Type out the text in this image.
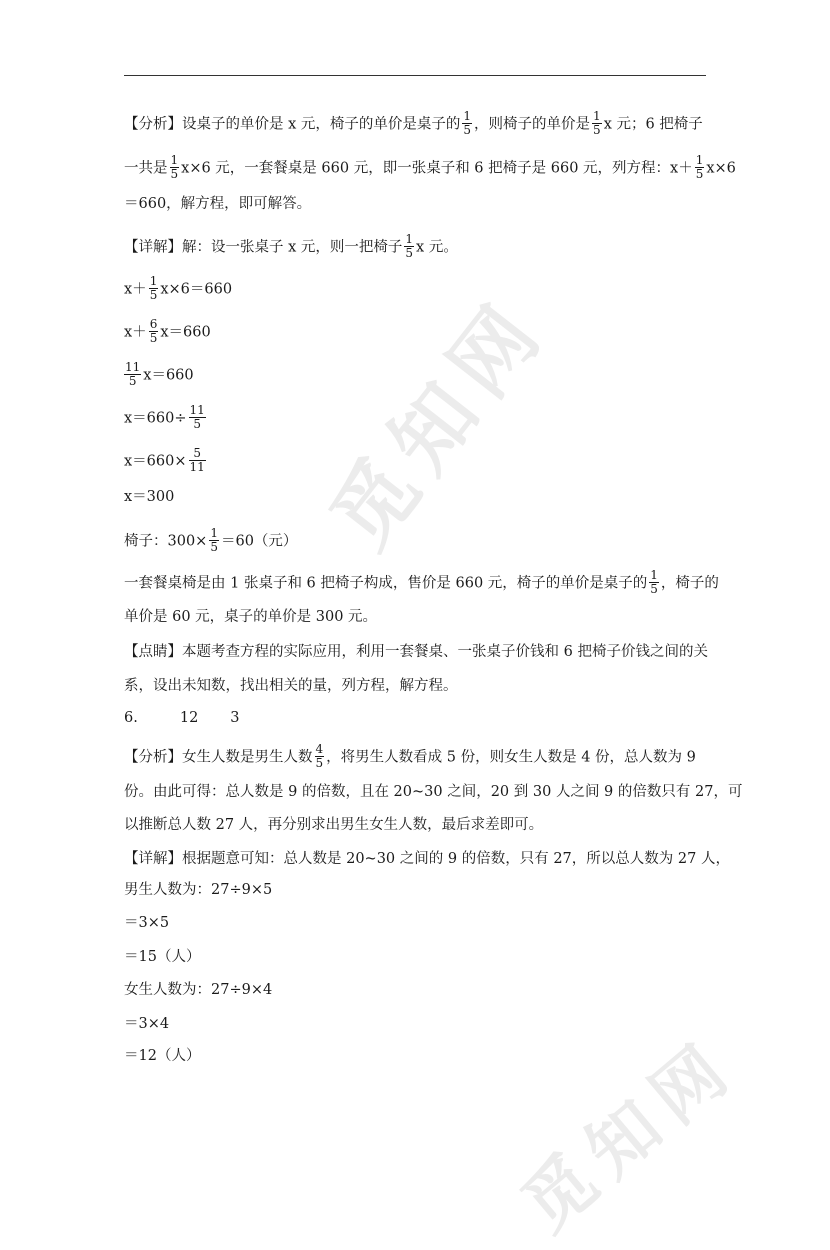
觅知网
觅知网
【分析】设桌子的单价是 x 元，椅子的单价是桌子的 $\frac{1}{5}$ ，则椅子的单价是 $\frac{1}{5}$ x 元；6 把椅子
一共是 $\frac{1}{5} x\times 6$ 元，一套餐桌是 660 元，即一张桌子和 6 把椅子是 660 元，列方程：$x+ \frac{1}{5} x\times 6$
＝660，解方程，即可解答。
【详解】解：设一张桌子 x 元，则一把椅子 $\frac{1}{5}$ x 元。
$x+ \frac{1}{5} x\times 6=660$
$x+ \frac{6}{5} x=660$
$\frac{11}{5} x=660$
$x=660\div \frac{11}{5}$
$x=660\times \frac{5}{11}$
x＝300
椅子：$300\times \frac{1}{5} =60$（元）
一套餐桌椅是由 1 张桌子和 6 把椅子构成，售价是 660 元，椅子的单价是桌子的 $\frac{1}{5}$ ，椅子的
单价是 60 元，桌子的单价是 300 元。
【点睛】本题考查方程的实际应用，利用一套餐桌、一张桌子价钱和 6 把椅子价钱之间的关
系，设出未知数，找出相关的量，列方程，解方程。
6.	12 3
【分析】女生人数是男生人数 $\frac{4}{5}$ ，将男生人数看成 5 份，则女生人数是 4 份，总人数为 9
份。由此可得：总人数是 9 的倍数，且在 20~30 之间，20 到 30 人之间 9 的倍数只有 27，可
以推断总人数 27 人，再分别求出男生女生人数，最后求差即可。
【详解】根据题意可知：总人数是 20~30 之间的 9 的倍数，只有 27，所以总人数为 27 人，
男生人数为：27÷9×5
＝3×5
＝15（人）
女生人数为：27÷9×4
＝3×4
＝12（人）
